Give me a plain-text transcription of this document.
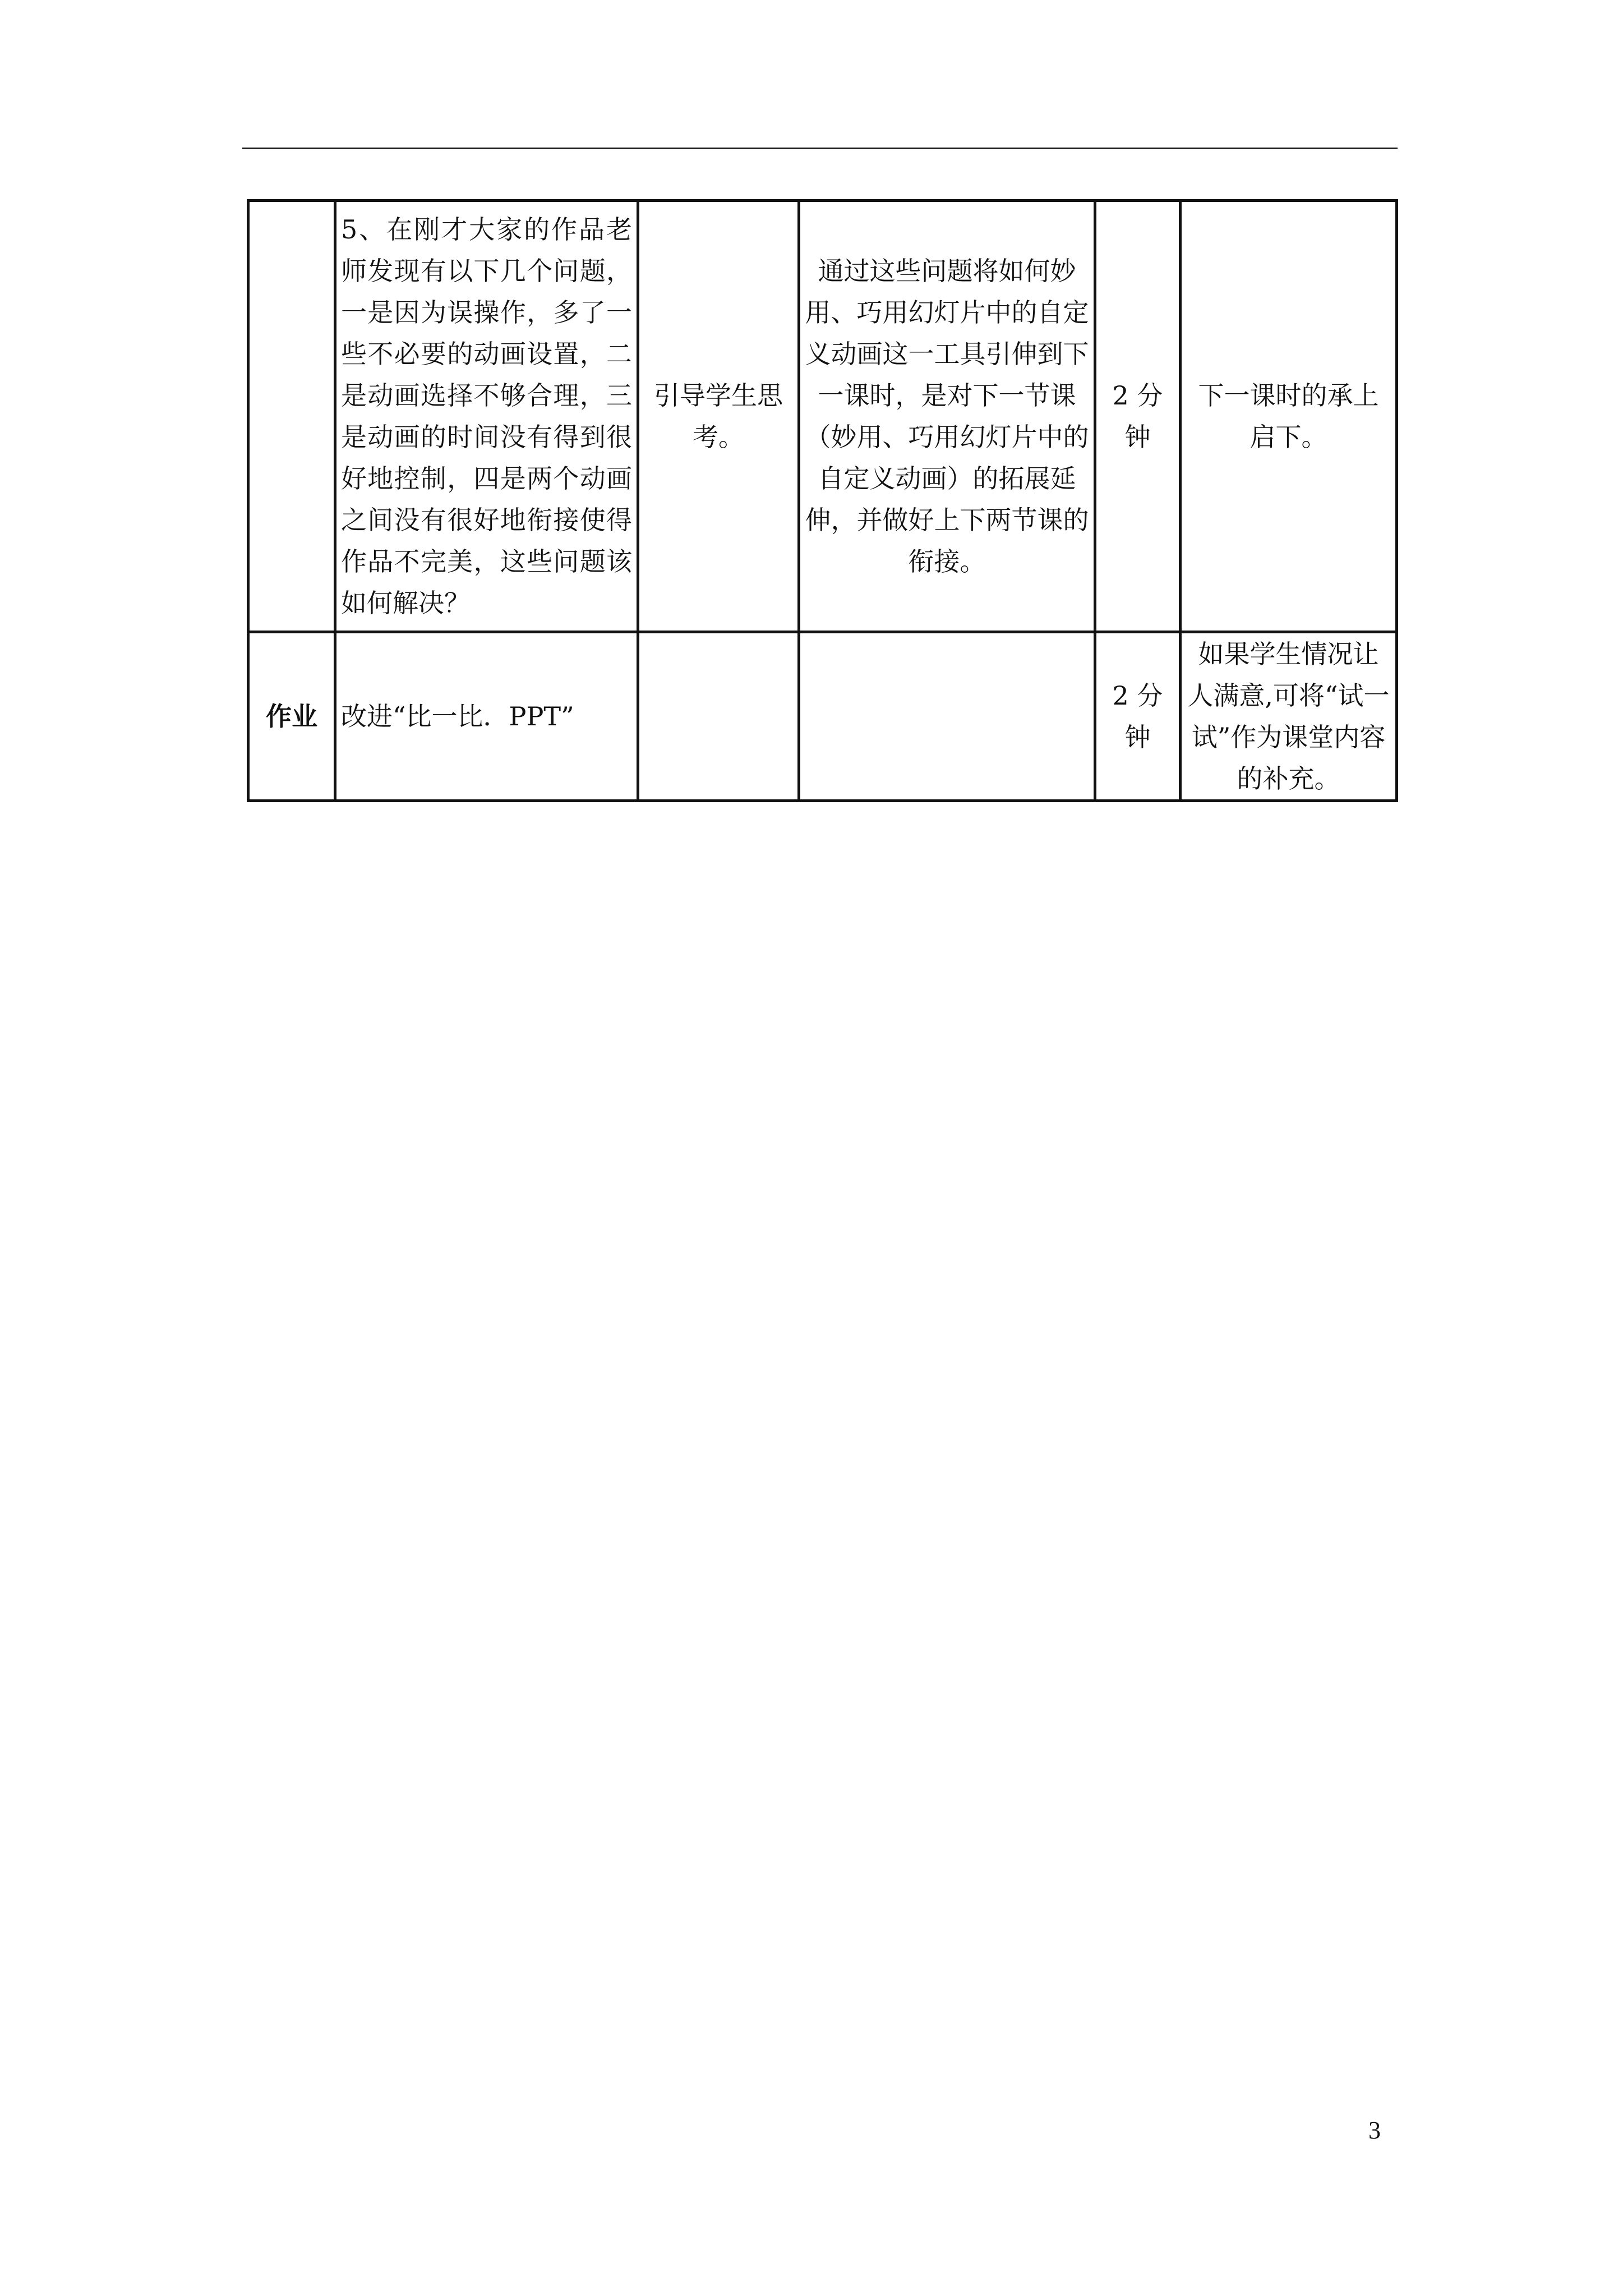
	5、在刚才大家的作品老师发现有以下几个问题，一是因为误操作，多了一些不必要的动画设置，二是动画选择不够合理，三是动画的时间没有得到很好地控制，四是两个动画之间没有很好地衔接使得作品不完美，这些问题该如何解决？	引导学生思考。	通过这些问题将如何妙用、巧用幻灯片中的自定义动画这一工具引伸到下一课时，是对下一节课（妙用、巧用幻灯片中的自定义动画）的拓展延伸，并做好上下两节课的衔接。	2 分钟	下一课时的承上启下。
作业	改进“比一比．PPT”			2 分钟	如果学生情况让人满意,可将“试一试”作为课堂内容的补充。
3
